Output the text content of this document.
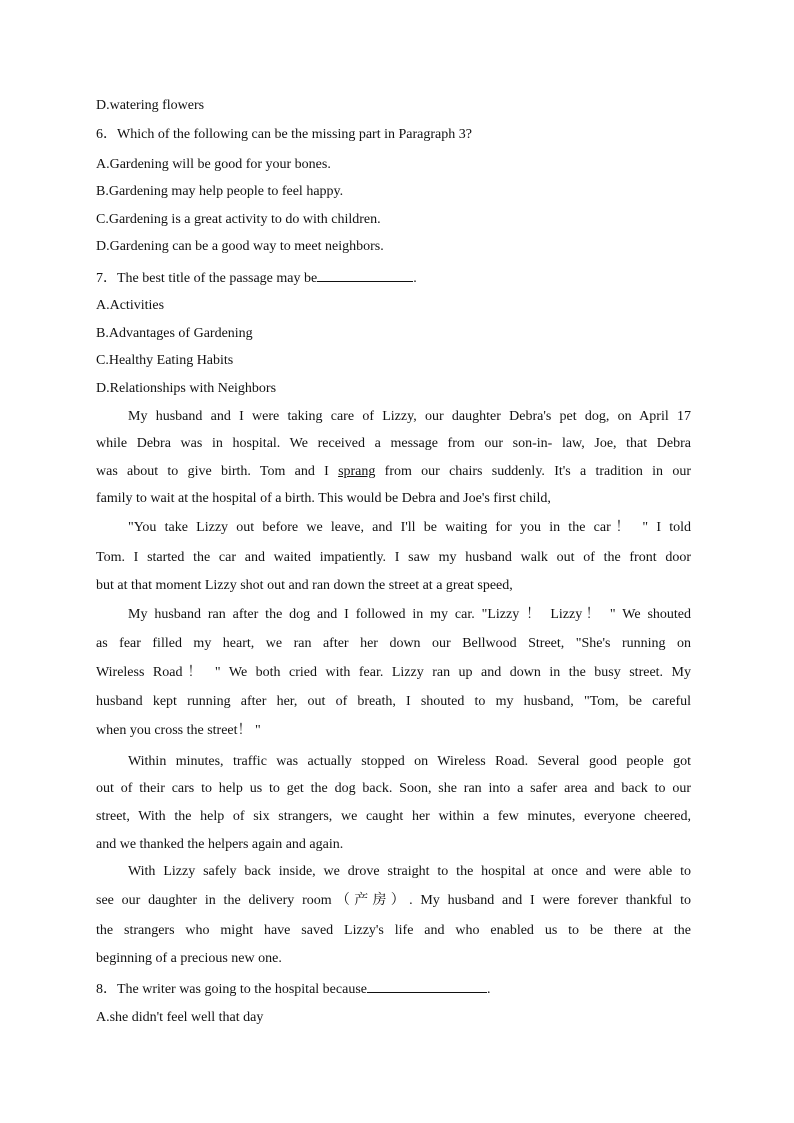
D.watering flowers
6．Which of the following can be the missing part in Paragraph 3?
A.Gardening will be good for your bones.
B.Gardening may help people to feel happy.
C.Gardening is a great activity to do with children.
D.Gardening can be a good way to meet neighbors.
7．The best title of the passage may be	.
A.Activities
B.Advantages of Gardening
C.Healthy Eating Habits
D.Relationships with Neighbors
My husband and I were taking care of Lizzy, our daughter Debra's pet dog, on April 17
while Debra was in hospital. We received a message from our son-in- law, Joe, that Debra
was about to give birth. Tom and I sprang from our chairs suddenly. It's a tradition in our
family to wait at the hospital of a birth. This would be Debra and Joe's first child,
"You take Lizzy out before we leave, and I'll be waiting for you in the car！ " I told
Tom. I started the car and waited impatiently. I saw my husband walk out of the front door
but at that moment Lizzy shot out and ran down the street at a great speed,
My husband ran after the dog and I followed in my car. "Lizzy ！ Lizzy！ " We shouted
as fear filled my heart, we ran after her down our Bellwood Street, "She's running on
Wireless Road！ " We both cried with fear. Lizzy ran up and down in the busy street. My
husband kept running after her, out of breath, I shouted to my husband, "Tom, be careful
when you cross the street！ "
Within minutes, traffic was actually stopped on Wireless Road. Several good people got
out of their cars to help us to get the dog back. Soon, she ran into a safer area and back to our
street, With the help of six strangers, we caught her within a few minutes, everyone cheered,
and we thanked the helpers again and again.
With Lizzy safely back inside, we drove straight to the hospital at once and were able to
see our daughter in the delivery room（产房）. My husband and I were forever thankful to
the strangers who might have saved Lizzy's life and who enabled us to be there at the
beginning of a precious new one.
8．The writer was going to the hospital because	.
A.she didn't feel well that day
